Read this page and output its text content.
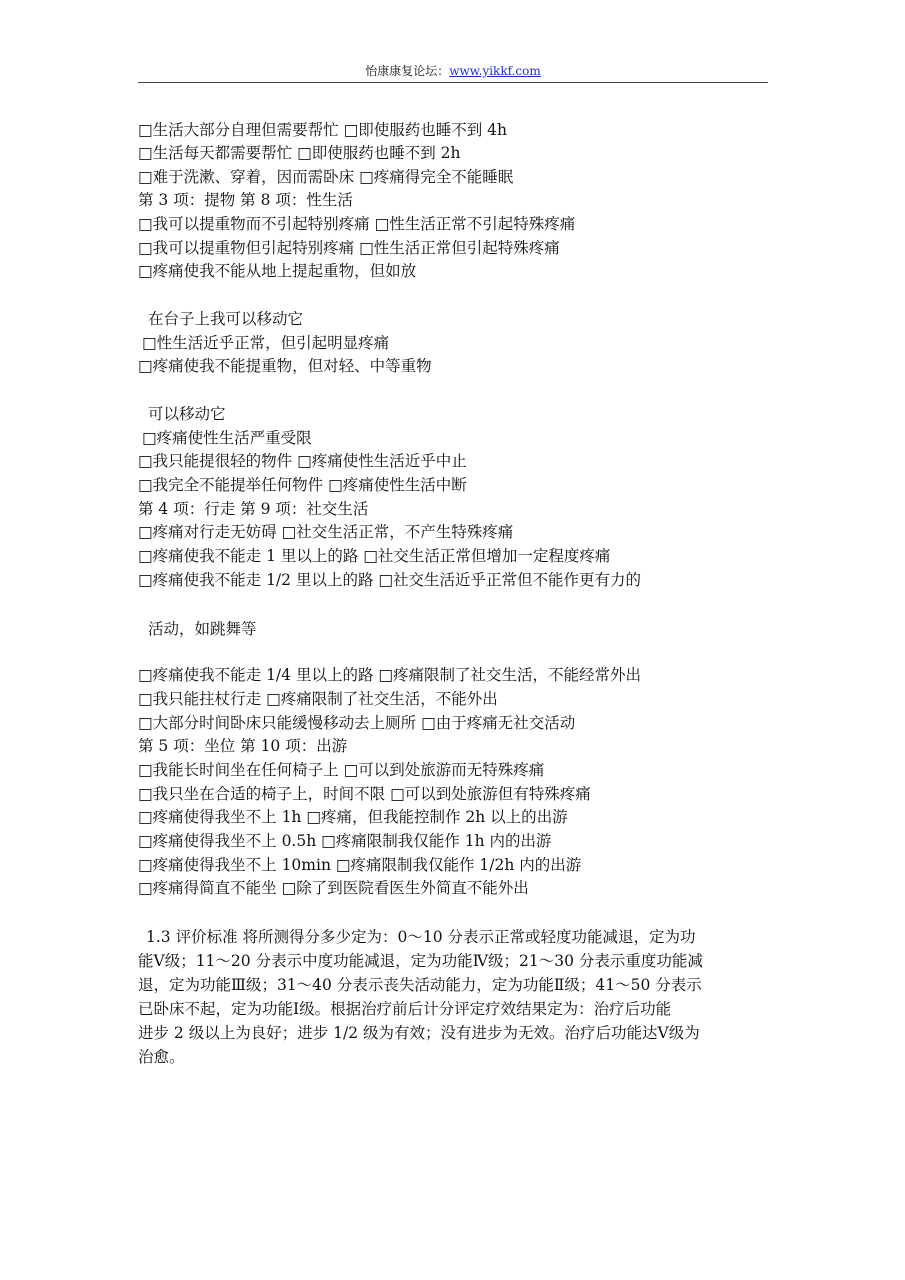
怡康康复论坛：www.yikkf.com
□生活大部分自理但需要帮忙 □即使服药也睡不到 4h
□生活每天都需要帮忙 □即使服药也睡不到 2h
□难于洗漱、穿着，因而需卧床 □疼痛得完全不能睡眠
第 3 项：提物 第 8 项：性生活
□我可以提重物而不引起特别疼痛 □性生活正常不引起特殊疼痛
□我可以提重物但引起特别疼痛 □性生活正常但引起特殊疼痛
□疼痛使我不能从地上提起重物，但如放
在台子上我可以移动它
□性生活近乎正常，但引起明显疼痛
□疼痛使我不能提重物，但对轻、中等重物
可以移动它
□疼痛使性生活严重受限
□我只能提很轻的物件 □疼痛使性生活近乎中止
□我完全不能提举任何物件 □疼痛使性生活中断
第 4 项：行走 第 9 项：社交生活
□疼痛对行走无妨碍 □社交生活正常，不产生特殊疼痛
□疼痛使我不能走 1 里以上的路 □社交生活正常但增加一定程度疼痛
□疼痛使我不能走 1/2 里以上的路 □社交生活近乎正常但不能作更有力的
活动，如跳舞等
□疼痛使我不能走 1/4 里以上的路 □疼痛限制了社交生活，不能经常外出
□我只能拄杖行走 □疼痛限制了社交生活，不能外出
□大部分时间卧床只能缓慢移动去上厕所 □由于疼痛无社交活动
第 5 项：坐位 第 10 项：出游
□我能长时间坐在任何椅子上 □可以到处旅游而无特殊疼痛
□我只坐在合适的椅子上，时间不限 □可以到处旅游但有特殊疼痛
□疼痛使得我坐不上 1h □疼痛，但我能控制作 2h 以上的出游
□疼痛使得我坐不上 0.5h □疼痛限制我仅能作 1h 内的出游
□疼痛使得我坐不上 10min □疼痛限制我仅能作 1/2h 内的出游
□疼痛得简直不能坐 □除了到医院看医生外简直不能外出
1.3 评价标准 将所测得分多少定为：0～10 分表示正常或轻度功能减退，定为功
能Ⅴ级；11～20 分表示中度功能减退，定为功能Ⅳ级；21～30 分表示重度功能减
退，定为功能Ⅲ级；31～40 分表示丧失活动能力，定为功能Ⅱ级；41～50 分表示
已卧床不起，定为功能Ⅰ级。根据治疗前后计分评定疗效结果定为：治疗后功能
进步 2 级以上为良好；进步 1/2 级为有效；没有进步为无效。治疗后功能达Ⅴ级为
治愈。
